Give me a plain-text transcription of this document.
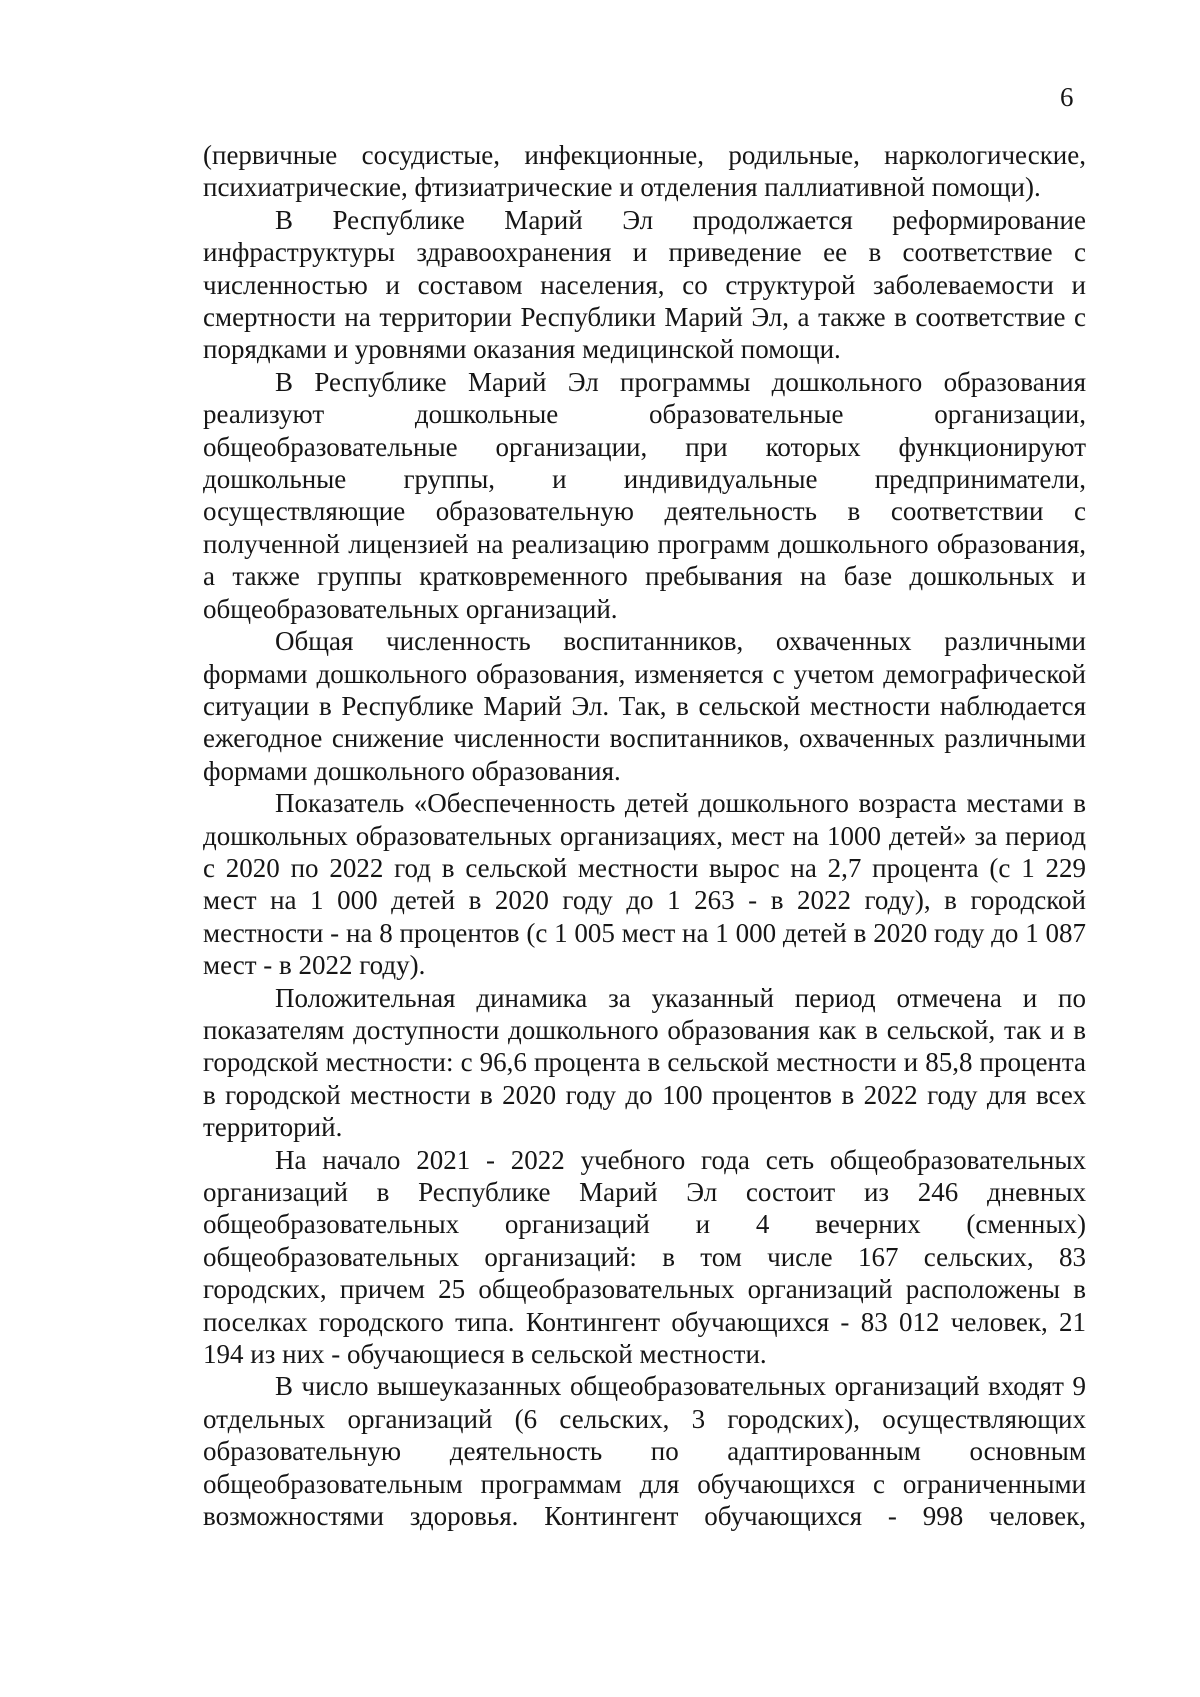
6

(первичные сосудистые, инфекционные, родильные, наркологические, психиатрические, фтизиатрические и отделения паллиативной помощи).

В Республике Марий Эл продолжается реформирование инфраструктуры здравоохранения и приведение ее в соответствие с численностью и составом населения, со структурой заболеваемости и смертности на территории Республики Марий Эл, а также в соответствие с порядками и уровнями оказания медицинской помощи.

В Республике Марий Эл программы дошкольного образования реализуют дошкольные образовательные организации, общеобразовательные организации, при которых функционируют дошкольные группы, и индивидуальные предприниматели, осуществляющие образовательную деятельность в соответствии с полученной лицензией на реализацию программ дошкольного образования, а также группы кратковременного пребывания на базе дошкольных и общеобразовательных организаций.

Общая численность воспитанников, охваченных различными формами дошкольного образования, изменяется с учетом демографической ситуации в Республике Марий Эл. Так, в сельской местности наблюдается ежегодное снижение численности воспитанников, охваченных различными формами дошкольного образования.

Показатель «Обеспеченность детей дошкольного возраста местами в дошкольных образовательных организациях, мест на 1000 детей» за период с 2020 по 2022 год в сельской местности вырос на 2,7 процента (с 1 229 мест на 1 000 детей в 2020 году до 1 263 - в 2022 году), в городской местности - на 8 процентов (с 1 005 мест на 1 000 детей в 2020 году до 1 087 мест - в 2022 году).

Положительная динамика за указанный период отмечена и по показателям доступности дошкольного образования как в сельской, так и в городской местности: с 96,6 процента в сельской местности и 85,8 процента в городской местности в 2020 году до 100 процентов в 2022 году для всех территорий.

На начало 2021 - 2022 учебного года сеть общеобразовательных организаций в Республике Марий Эл состоит из 246 дневных общеобразовательных организаций и 4 вечерних (сменных) общеобразовательных организаций: в том числе 167 сельских, 83 городских, причем 25 общеобразовательных организаций расположены в поселках городского типа. Контингент обучающихся - 83 012 человек, 21 194 из них - обучающиеся в сельской местности.

В число вышеуказанных общеобразовательных организаций входят 9 отдельных организаций (6 сельских, 3 городских), осуществляющих образовательную деятельность по адаптированным основным общеобразовательным программам для обучающихся с ограниченными возможностями здоровья. Контингент обучающихся - 998 человек,
